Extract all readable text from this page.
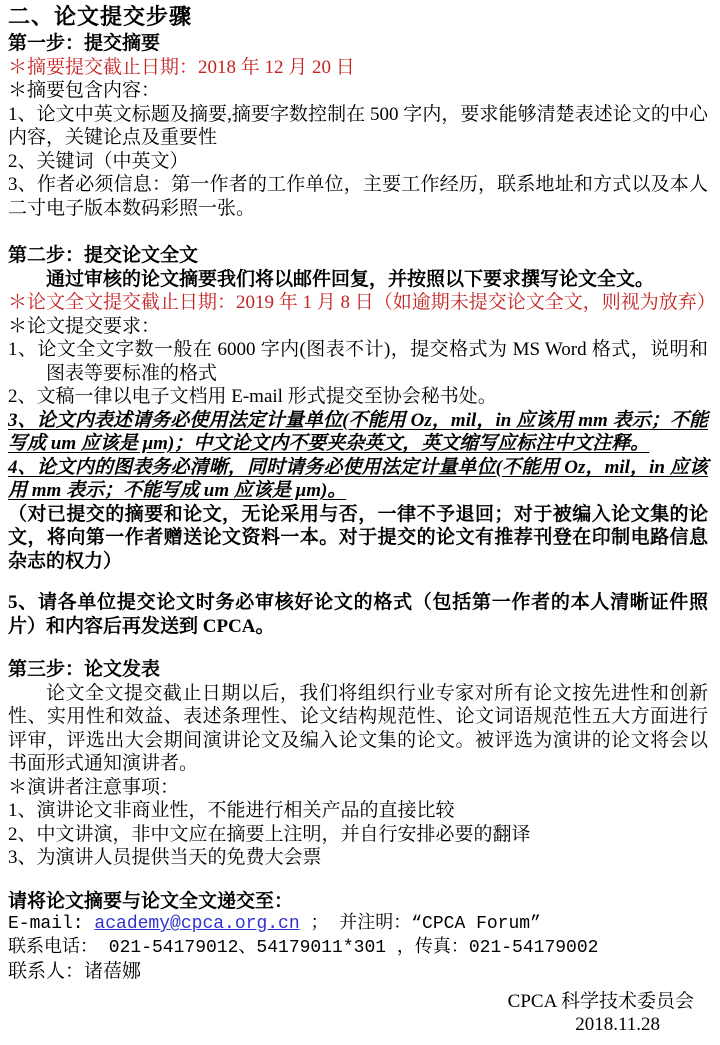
二、论文提交步骤

第一步：提交摘要

＊摘要提交截止日期：2018 年 12 月 20 日

＊摘要包含内容：

1、论文中英文标题及摘要,摘要字数控制在 500 字内，要求能够清楚表述论文的中心内容，关键论点及重要性

2、关键词（中英文）

3、作者必须信息：第一作者的工作单位，主要工作经历，联系地址和方式以及本人二寸电子版本数码彩照一张。

第二步：提交论文全文

通过审核的论文摘要我们将以邮件回复，并按照以下要求撰写论文全文。

＊论文全文提交截止日期：2019 年 1 月 8 日（如逾期未提交论文全文，则视为放弃）

＊论文提交要求：

1、论文全文字数一般在 6000 字内(图表不计)，提交格式为 MS Word 格式，说明和图表等要标准的格式

2、文稿一律以电子文档用 E-mail 形式提交至协会秘书处。

3、论文内表述请务必使用法定计量单位(不能用 Oz，mil，in 应该用 mm 表示；不能写成 um 应该是 μm)；中文论文内不要夹杂英文，英文缩写应标注中文注释。

4、论文内的图表务必清晰，同时请务必使用法定计量单位(不能用 Oz，mil，in 应该用 mm 表示；不能写成 um 应该是 μm)。

（对已提交的摘要和论文，无论采用与否，一律不予退回；对于被编入论文集的论文，将向第一作者赠送论文资料一本。对于提交的论文有推荐刊登在印制电路信息杂志的权力）

5、请各单位提交论文时务必审核好论文的格式（包括第一作者的本人清晰证件照片）和内容后再发送到 CPCA。

第三步：论文发表

论文全文提交截止日期以后，我们将组织行业专家对所有论文按先进性和创新性、实用性和效益、表述条理性、论文结构规范性、论文词语规范性五大方面进行评审，评选出大会期间演讲论文及编入论文集的论文。被评选为演讲的论文将会以书面形式通知演讲者。

＊演讲者注意事项：

1、演讲论文非商业性，不能进行相关产品的直接比较

2、中文讲演，非中文应在摘要上注明，并自行安排必要的翻译

3、为演讲人员提供当天的免费大会票

请将论文摘要与论文全文递交至：

E-mail: academy@cpca.org.cn ； 并注明：“CPCA Forum”

联系电话： 021-54179012、54179011*301 ，传真：021-54179002

联系人：诸蓓娜

CPCA 科学技术委员会

2018.11.28
